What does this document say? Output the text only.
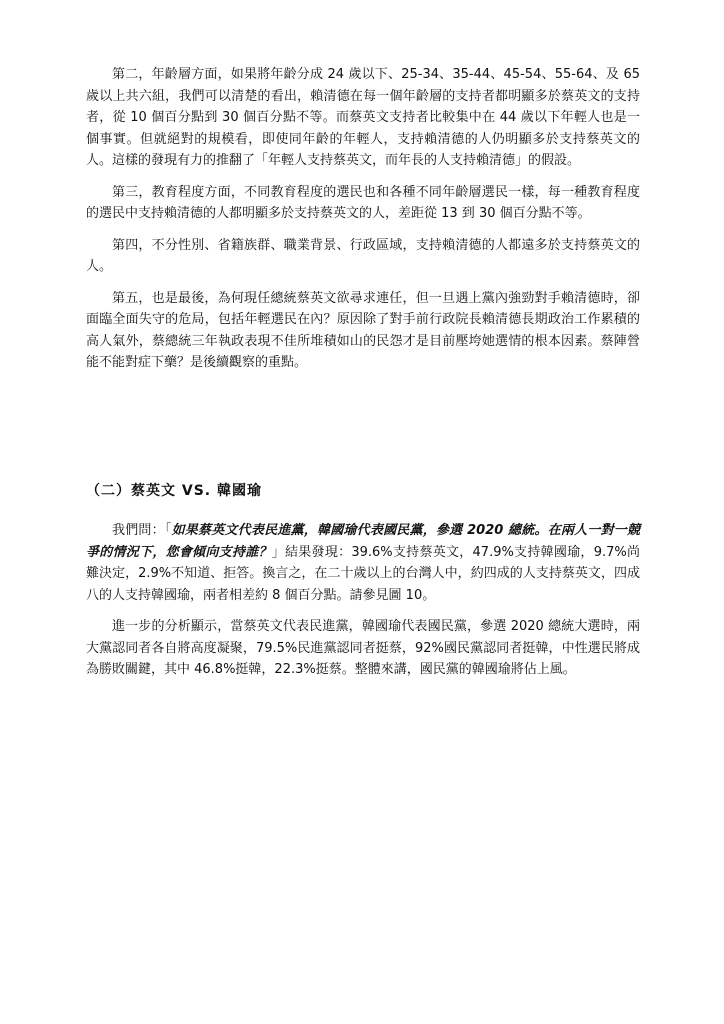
第二，年齡層方面，如果將年齡分成 24 歲以下、25-34、35-44、45-54、55-64、及 65 歲以上共六組，我們可以清楚的看出，賴清德在每一個年齡層的支持者都明顯多於蔡英文的支持者，從 10 個百分點到 30 個百分點不等。而蔡英文支持者比較集中在 44 歲以下年輕人也是一個事實。但就絕對的規模看，即使同年齡的年輕人，支持賴清德的人仍明顯多於支持蔡英文的人。這樣的發現有力的推翻了「年輕人支持蔡英文，而年長的人支持賴清德」的假設。

第三，教育程度方面，不同教育程度的選民也和各種不同年齡層選民一樣，每一種教育程度的選民中支持賴清德的人都明顯多於支持蔡英文的人，差距從 13 到 30 個百分點不等。

第四，不分性別、省籍族群、職業背景、行政區域，支持賴清德的人都遠多於支持蔡英文的人。

第五，也是最後，為何現任總統蔡英文欲尋求連任，但一旦遇上黨內強勁對手賴清德時，卻面臨全面失守的危局，包括年輕選民在內？原因除了對手前行政院長賴清德長期政治工作累積的高人氣外，蔡總統三年執政表現不佳所堆積如山的民怨才是目前壓垮她選情的根本因素。蔡陣營能不能對症下藥？是後續觀察的重點。

（二）蔡英文 VS. 韓國瑜

我們問：「如果蔡英文代表民進黨，韓國瑜代表國民黨，參選 2020 總統。在兩人一對一競爭的情況下，您會傾向支持誰？」結果發現：39.6%支持蔡英文，47.9%支持韓國瑜，9.7%尚難決定，2.9%不知道、拒答。換言之，在二十歲以上的台灣人中，約四成的人支持蔡英文，四成八的人支持韓國瑜，兩者相差約 8 個百分點。請參見圖 10。

進一步的分析顯示，當蔡英文代表民進黨，韓國瑜代表國民黨，參選 2020 總統大選時，兩大黨認同者各自將高度凝聚，79.5%民進黨認同者挺蔡，92%國民黨認同者挺韓，中性選民將成為勝敗關鍵，其中 46.8%挺韓，22.3%挺蔡。整體來講，國民黨的韓國瑜將佔上風。
